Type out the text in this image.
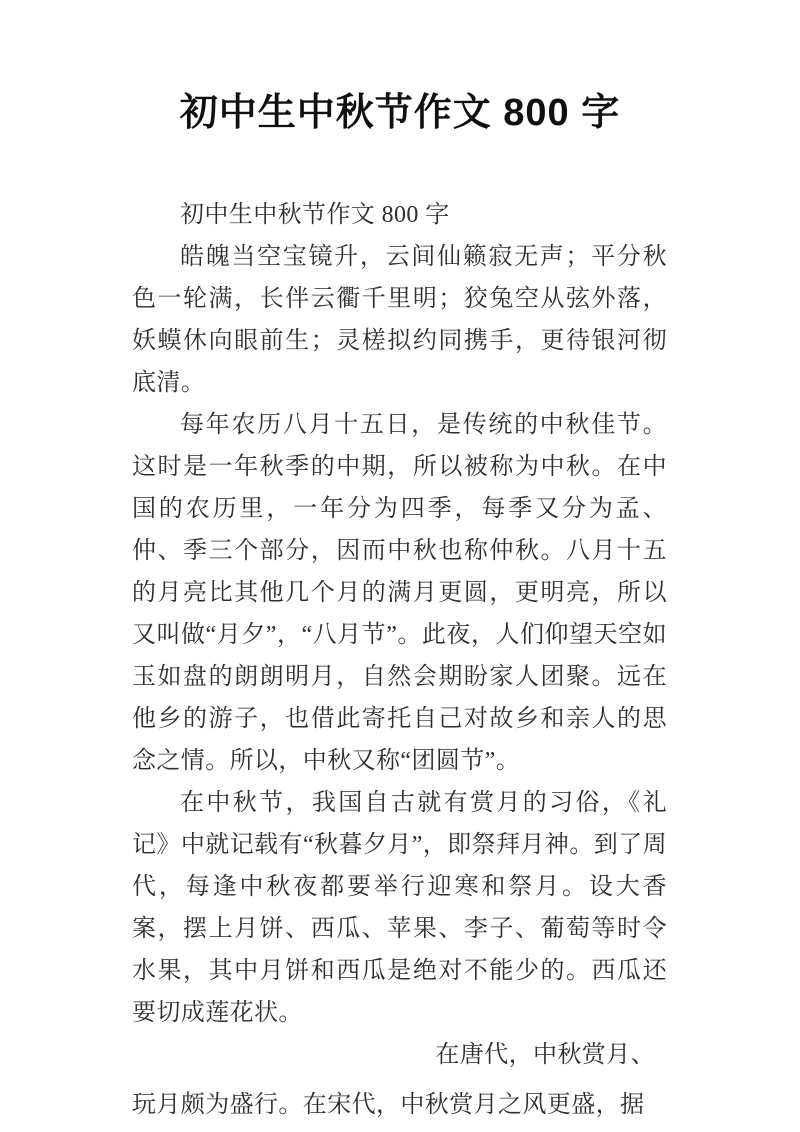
初中生中秋节作文 800 字

初中生中秋节作文 800 字

皓魄当空宝镜升，云间仙籁寂无声；平分秋色一轮满，长伴云衢千里明；狡兔空从弦外落，妖蟆休向眼前生；灵槎拟约同携手，更待银河彻底清。

每年农历八月十五日，是传统的中秋佳节。这时是一年秋季的中期，所以被称为中秋。在中国的农历里，一年分为四季，每季又分为孟、仲、季三个部分，因而中秋也称仲秋。八月十五的月亮比其他几个月的满月更圆，更明亮，所以又叫做“月夕”，“八月节”。此夜，人们仰望天空如玉如盘的朗朗明月，自然会期盼家人团聚。远在他乡的游子，也借此寄托自己对故乡和亲人的思念之情。所以，中秋又称“团圆节”。

在中秋节，我国自古就有赏月的习俗，《礼记》中就记载有“秋暮夕月”，即祭拜月神。到了周代，每逢中秋夜都要举行迎寒和祭月。设大香案，摆上月饼、西瓜、苹果、李子、葡萄等时令水果，其中月饼和西瓜是绝对不能少的。西瓜还要切成莲花状。

在唐代，中秋赏月、

玩月颇为盛行。在宋代，中秋赏月之风更盛，据
